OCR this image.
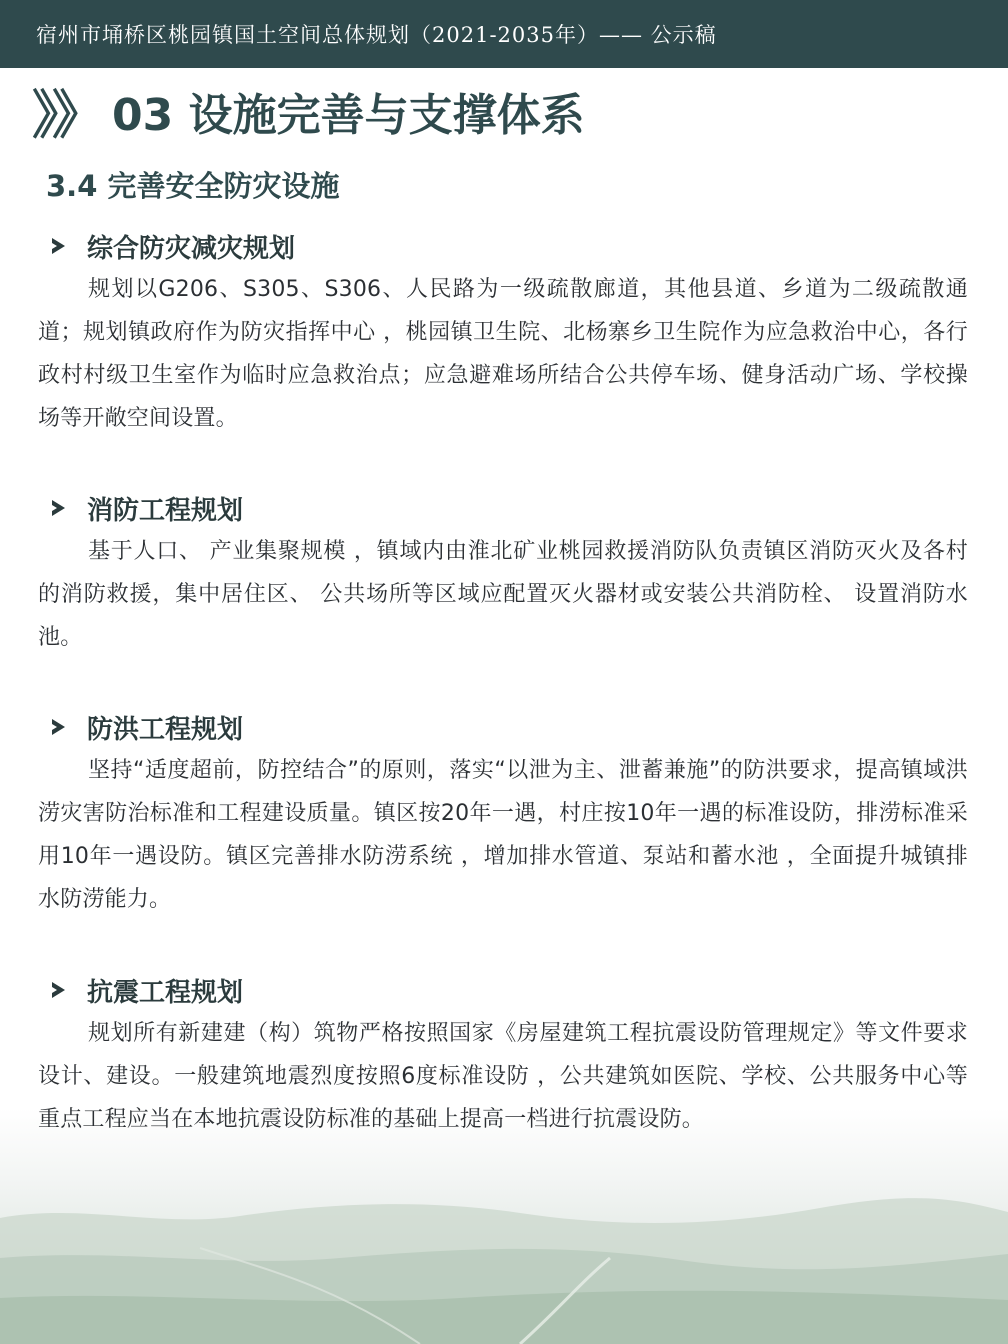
宿州市埇桥区桃园镇国土空间总体规划（2021-2035年）—— 公示稿
》》 03 设施完善与支撑体系
3.4 完善安全防灾设施
综合防灾减灾规划

规划以G206、S305、S306、人民路为一级疏散廊道，其他县道、乡道为二级疏散通道；规划镇政府作为防灾指挥中心 ，桃园镇卫生院、北杨寨乡卫生院作为应急救治中心，各行政村村级卫生室作为临时应急救治点；应急避难场所结合公共停车场、健身活动广场、学校操场等开敞空间设置。

消防工程规划

基于人口、 产业集聚规模 ，镇域内由淮北矿业桃园救援消防队负责镇区消防灭火及各村的消防救援，集中居住区、 公共场所等区域应配置灭火器材或安装公共消防栓、 设置消防水池。

防洪工程规划

坚持“适度超前，防控结合”的原则，落实“以泄为主、泄蓄兼施”的防洪要求，提高镇域洪涝灾害防治标准和工程建设质量。镇区按20年一遇，村庄按10年一遇的标准设防，排涝标准采用10年一遇设防。镇区完善排水防涝系统 ，增加排水管道、泵站和蓄水池 ，全面提升城镇排水防涝能力。

抗震工程规划

规划所有新建建（构）筑物严格按照国家《房屋建筑工程抗震设防管理规定》等文件要求设计、建设。一般建筑地震烈度按照6度标准设防 ，公共建筑如医院、学校、公共服务中心等重点工程应当在本地抗震设防标准的基础上提高一档进行抗震设防。
